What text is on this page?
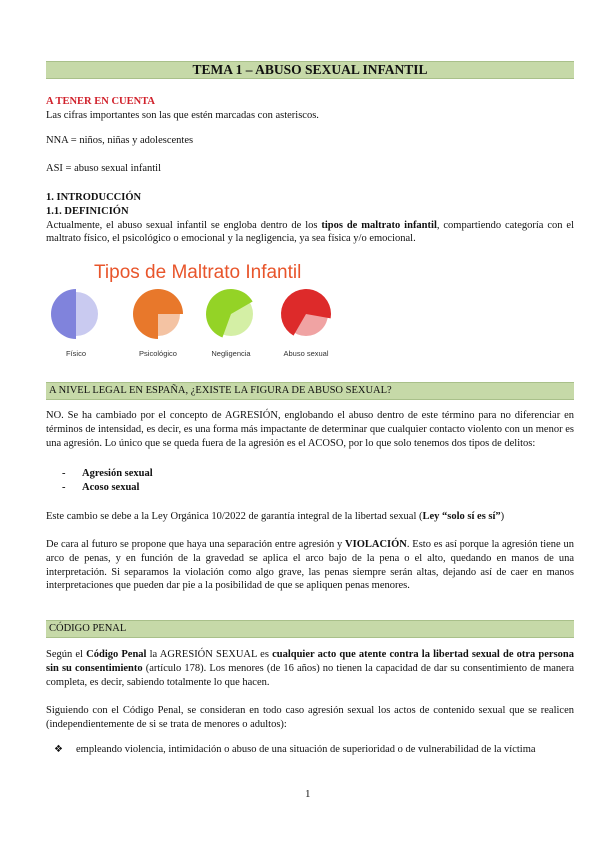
TEMA 1 – ABUSO SEXUAL INFANTIL
A TENER EN CUENTA
Las cifras importantes son las que estén marcadas con asteriscos.
NNA = niños, niñas y adolescentes
ASI = abuso sexual infantil
1. INTRODUCCIÓN
1.1. DEFINICIÓN
Actualmente, el abuso sexual infantil se engloba dentro de los tipos de maltrato infantil, compartiendo categoría con el maltrato físico, el psicológico o emocional y la negligencia, ya sea física y/o emocional.
Tipos de Maltrato Infantil
Físico	Psicológico	Negligencia	Abuso sexual
A NIVEL LEGAL EN ESPAÑA, ¿EXISTE LA FIGURA DE ABUSO SEXUAL?
NO. Se ha cambiado por el concepto de AGRESIÓN, englobando el abuso dentro de este término para no diferenciar en términos de intensidad, es decir, es una forma más impactante de determinar que cualquier contacto violento con un menor es una agresión. Lo único que se queda fuera de la agresión es el ACOSO, por lo que solo tenemos dos tipos de delitos:
- Agresión sexual
- Acoso sexual
Este cambio se debe a la Ley Orgánica 10/2022 de garantía integral de la libertad sexual (Ley “solo sí es sí”)
De cara al futuro se propone que haya una separación entre agresión y VIOLACIÓN. Esto es así porque la agresión tiene un arco de penas, y en función de la gravedad se aplica el arco bajo de la pena o el alto, quedando en manos de una interpretación. Si separamos la violación como algo grave, las penas siempre serán altas, dejando así de caer en manos interpretaciones que pueden dar pie a la posibilidad de que se apliquen penas menores.
CÓDIGO PENAL
Según el Código Penal la AGRESIÓN SEXUAL es cualquier acto que atente contra la libertad sexual de otra persona sin su consentimiento (artículo 178). Los menores (de 16 años) no tienen la capacidad de dar su consentimiento de manera completa, es decir, sabiendo totalmente lo que hacen.
Siguiendo con el Código Penal, se consideran en todo caso agresión sexual los actos de contenido sexual que se realicen (independientemente de si se trata de menores o adultos):
❖	empleando violencia, intimidación o abuso de una situación de superioridad o de vulnerabilidad de la víctima
1
